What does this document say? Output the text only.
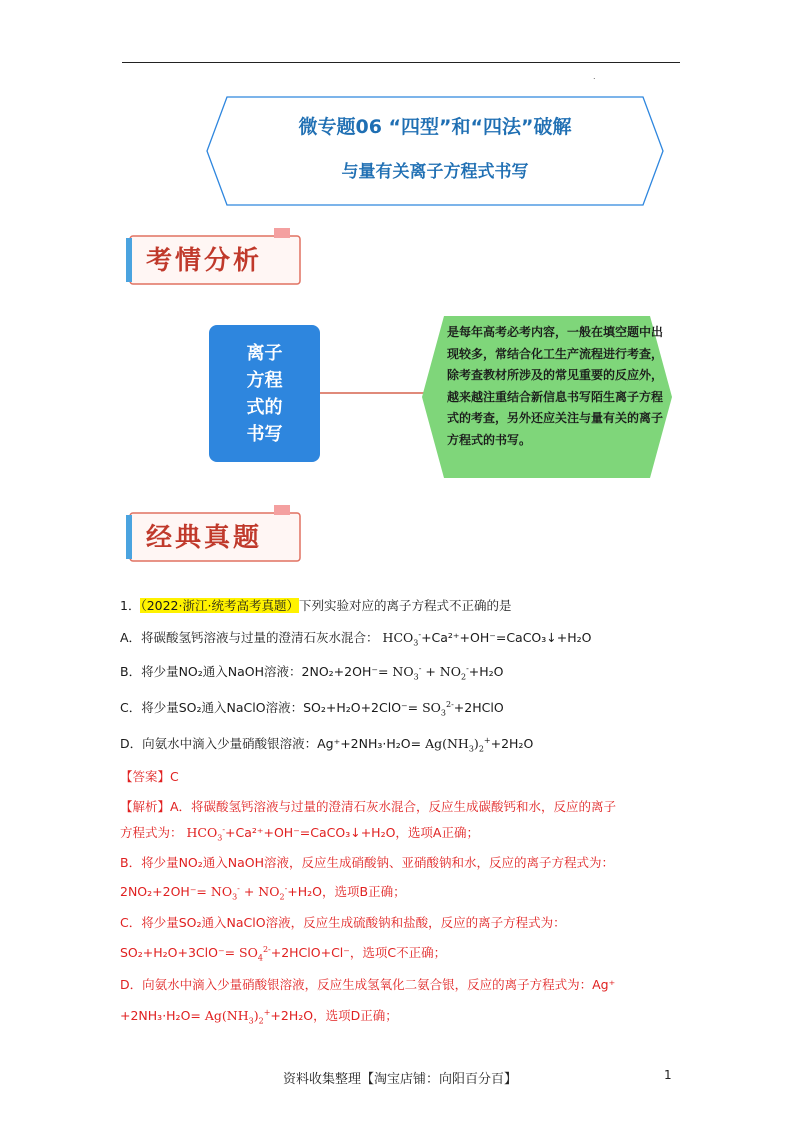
.
微专题06 “四型”和“四法”破解
与量有关离子方程式书写
考情分析
离子方程式的书写
是每年高考必考内容，一般在填空题中出现较多，常结合化工生产流程进行考查，除考查教材所涉及的常见重要的反应外，越来越注重结合新信息书写陌生离子方程式的考查，另外还应关注与量有关的离子方程式的书写。
经典真题
1．（2022·浙江·统考高考真题）下列实验对应的离子方程式不正确的是
A．将碳酸氢钙溶液与过量的澄清石灰水混合： $HCO_3^-+Ca^{2+}+OH^-=CaCO_3↓+H_2O$
B．将少量NO₂通入NaOH溶液：$2NO_2+2OH^-= NO_3^- + NO_2^-+H_2O$
C．将少量SO₂通入NaClO溶液：$SO_2+H_2O+2ClO^-= SO_3^{2-}+2HClO$
D．向氨水中滴入少量硝酸银溶液：$Ag^++2NH_3\cdot H_2O= Ag(NH_3)_2^++2H_2O$
【答案】C
【解析】A．将碳酸氢钙溶液与过量的澄清石灰水混合，反应生成碳酸钙和水，反应的离子
方程式为： $HCO_3^-+Ca^{2+}+OH^-=CaCO_3↓+H_2O$，选项A正确；
B．将少量NO₂通入NaOH溶液，反应生成硝酸钠、亚硝酸钠和水，反应的离子方程式为：
$2NO_2+2OH^-= NO_3^- + NO_2^-+H_2O$，选项B正确；
C．将少量SO₂通入NaClO溶液，反应生成硫酸钠和盐酸，反应的离子方程式为：
$SO_2+H_2O+3ClO^-= SO_4^{2-}+2HClO+Cl^-$，选项C不正确；
D．向氨水中滴入少量硝酸银溶液，反应生成氢氧化二氨合银，反应的离子方程式为：Ag⁺
$+2NH_3\cdot H_2O= Ag(NH_3)_2^++2H_2O$，选项D正确；
资料收集整理【淘宝店铺：向阳百分百】	1
